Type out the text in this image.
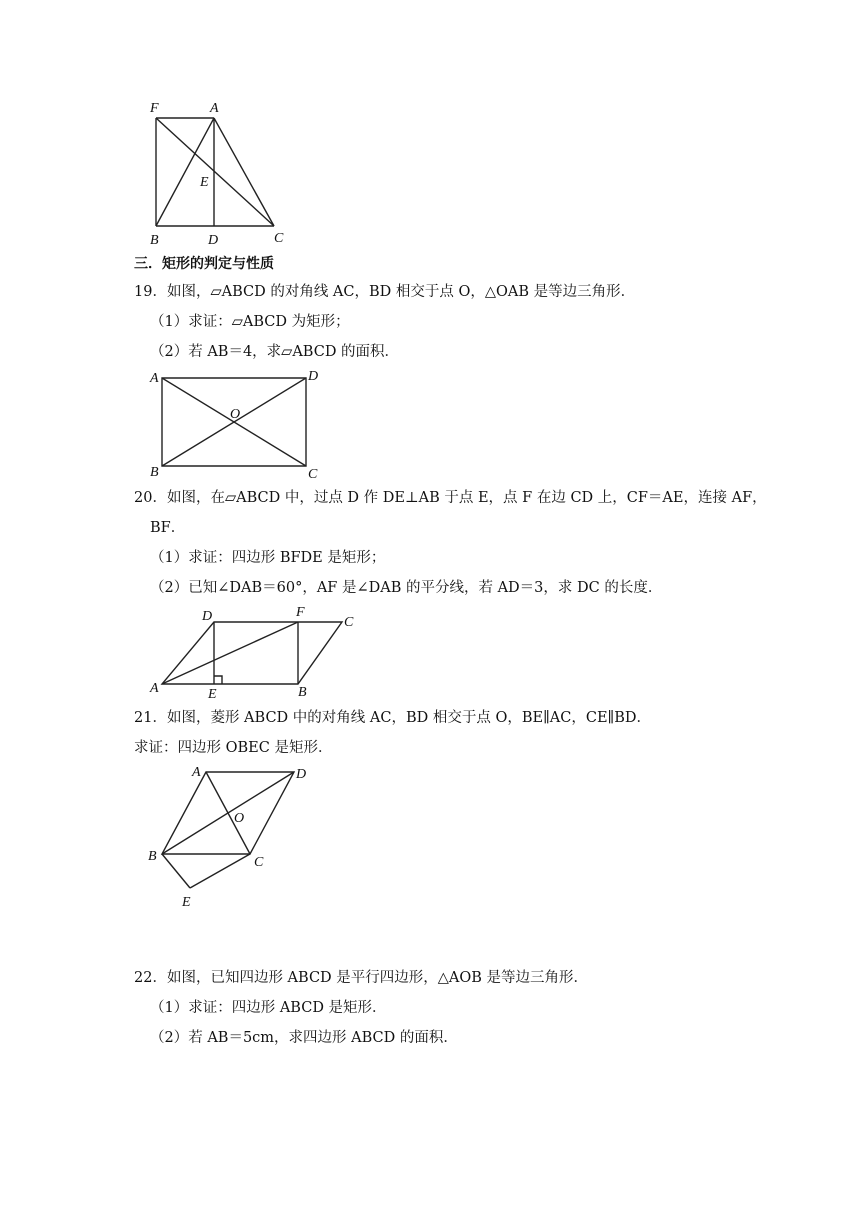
F	A
E
B	D	C
三．矩形的判定与性质
19．如图，▱ABCD 的对角线 AC，BD 相交于点 O，△OAB 是等边三角形．
（1）求证：▱ABCD 为矩形；
（2）若 AB＝4，求▱ABCD 的面积．
A	D
O
B	C
20．如图，在▱ABCD 中，过点 D 作 DE⊥AB 于点 E，点 F 在边 CD 上，CF＝AE，连接 AF，
BF．
（1）求证：四边形 BFDE 是矩形；
（2）已知∠DAB＝60°，AF 是∠DAB 的平分线，若 AD＝3，求 DC 的长度．
D	F
C
A	E	B
21．如图，菱形 ABCD 中的对角线 AC，BD 相交于点 O，BE∥AC，CE∥BD．
求证：四边形 OBEC 是矩形．
A	D
O
B	C
E
22．如图，已知四边形 ABCD 是平行四边形，△AOB 是等边三角形．
（1）求证：四边形 ABCD 是矩形．
（2）若 AB＝5cm，求四边形 ABCD 的面积．
